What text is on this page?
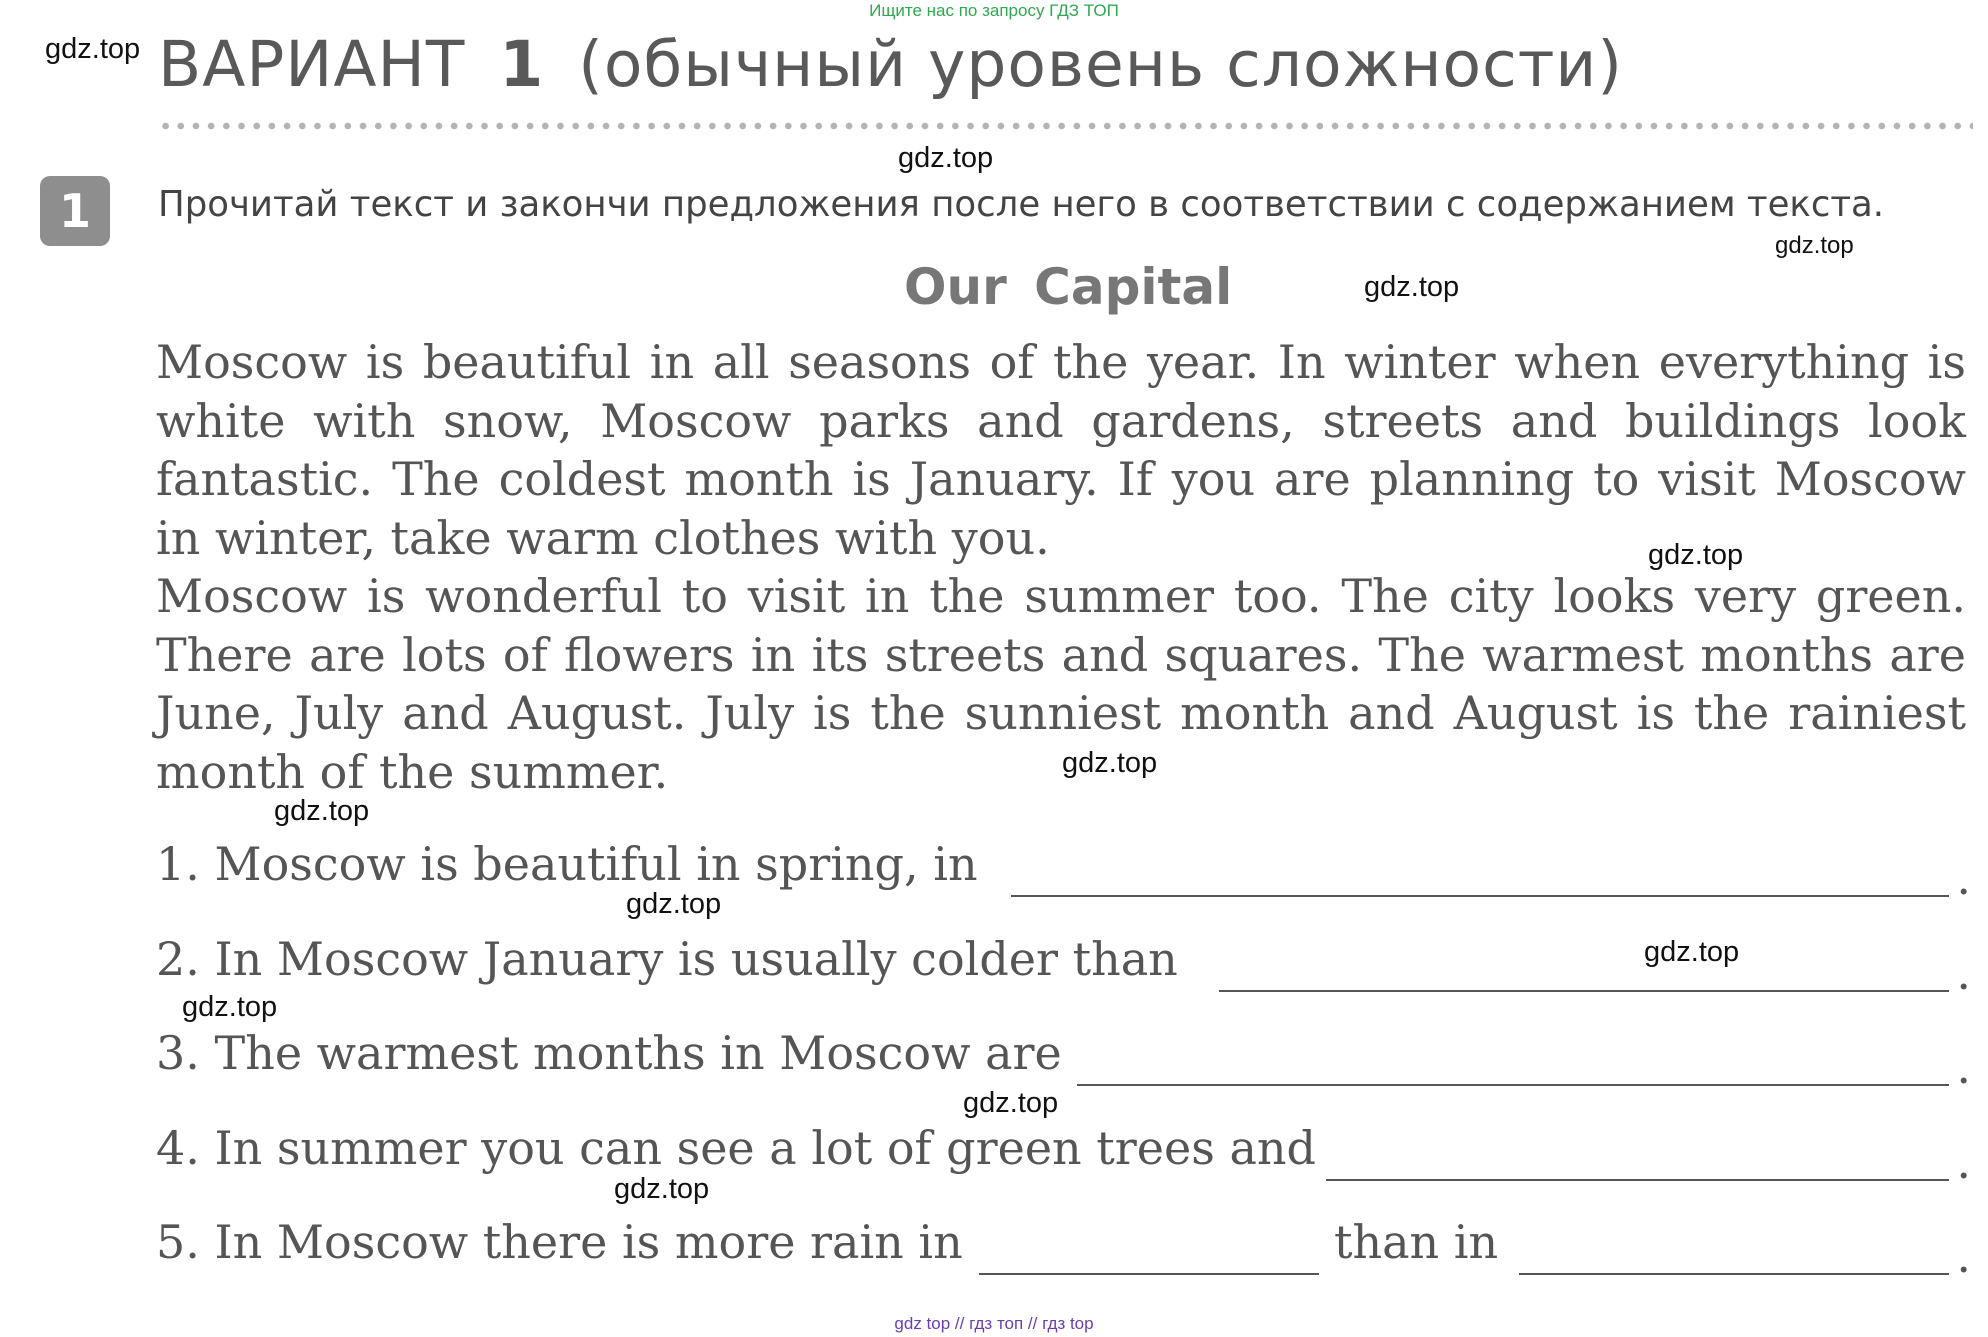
Ищите нас по запросу ГДЗ ТОП
gdz.top
gdz.top
gdz.top
gdz.top
gdz.top
gdz.top
gdz.top
gdz.top
gdz.top
gdz.top
gdz.top
gdz.top
ВАРИАНТ 1 (обычный уровень сложности)
1	Прочитай текст и закончи предложения после него в соответствии с содержанием текста.
Our Capital

Moscow is beautiful in all seasons of the year. In winter when everything is white with snow, Moscow parks and gardens, streets and buildings look fantastic. The coldest month is January. If you are planning to visit Moscow in winter, take warm clothes with you.

Moscow is wonderful to visit in the summer too. The city looks very green. There are lots of flowers in its streets and squares. The warmest months are June, July and August. July is the sunniest month and August is the rainiest month of the summer.

1. Moscow is beautiful in spring, in	.
2. In Moscow January is usually colder than	.
3. The warmest months in Moscow are	.
4. In summer you can see a lot of green trees and	.
5. In Moscow there is more rain in	than in	.
gdz top // гдз топ // гдз top
